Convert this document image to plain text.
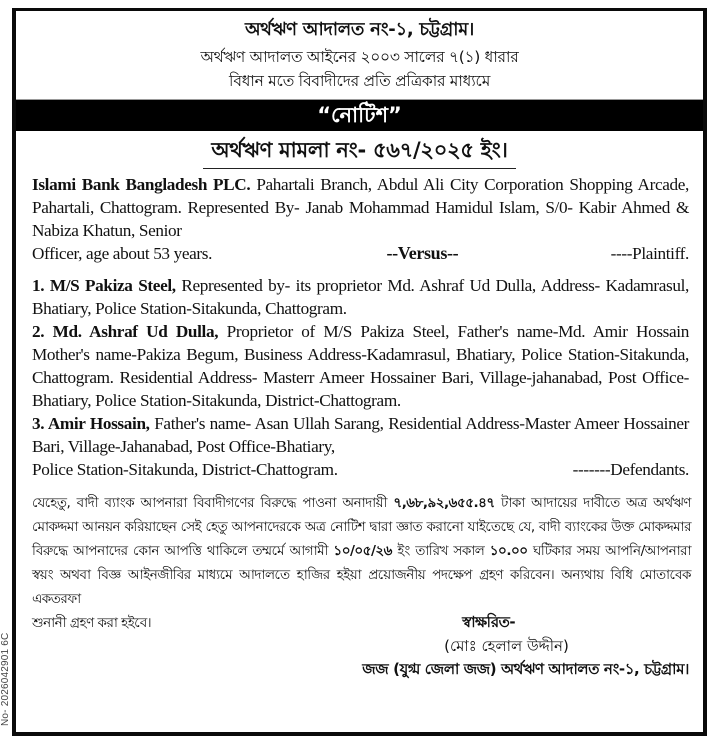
No- 2026042901 6C
অর্থঋণ আদালত নং-১, চট্টগ্রাম।
অর্থঋণ আদালত আইনের ২০০৩ সালের ৭(১) ধারার
বিধান মতে বিবাদীদের প্রতি প্রত্রিকার মাধ্যমে
“নোটিশ”
অর্থঋণ মামলা নং- ৫৬৭/২০২৫ ইং।
Islami Bank Bangladesh PLC. Pahartali Branch, Abdul Ali City Corporation Shopping Arcade, Pahartali, Chattogram. Represented By- Janab Mohammad Hamidul Islam, S/0- Kabir Ahmed & Nabiza Khatun, Senior
Officer, age about 53 years.	--Versus--	----Plaintiff.
1. M/S Pakiza Steel, Represented by- its proprietor Md. Ashraf Ud Dulla, Address- Kadamrasul, Bhatiary, Police Station-Sitakunda, Chattogram.
2. Md. Ashraf Ud Dulla, Proprietor of M/S Pakiza Steel, Father's name-Md. Amir Hossain Mother's name-Pakiza Begum, Business Address-Kadamrasul, Bhatiary, Police Station-Sitakunda, Chattogram. Residential Address- Masterr Ameer Hossainer Bari, Village-jahanabad, Post Office-Bhatiary, Police Station-Sitakunda, District-Chattogram.
3. Amir Hossain, Father's name- Asan Ullah Sarang, Residential Address-Master Ameer Hossainer Bari, Village-Jahanabad, Post Office-Bhatiary,
Police Station-Sitakunda, District-Chattogram.	-------Defendants.
যেহেতু, বাদী ব্যাংক আপনারা বিবাদীগণের বিরুদ্ধে পাওনা অনাদায়ী ৭,৬৮,৯২,৬৫৫.৪৭ টাকা আদায়ের দাবীতে অত্র অর্থঋণ মোকদ্দমা আনয়ন করিয়াছেন সেই হেতু আপনাদেরকে অত্র নোটিশ দ্বারা জ্ঞাত করানো যাইতেছে যে, বাদী ব্যাংকের উক্ত মোকদ্দমার বিরুদ্ধে আপনাদের কোন আপত্তি থাকিলে তম্মর্মে আগামী ১০/০৫/২৬ ইং তারিখ সকাল ১০.০০ ঘটিকার সময় আপনি/আপনারা স্বয়ং অথবা বিজ্ঞ আইনজীবির মাধ্যমে আদালতে হাজির হইয়া প্রয়োজনীয় পদক্ষেপ গ্রহণ করিবেন। অন্যথায় বিধি মোতাবেক একতরফা
শুনানী গ্রহণ করা হইবে।	স্বাক্ষরিত-
(মোঃ হেলাল উদ্দীন)
জজ (যুগ্ম জেলা জজ) অর্থঋণ আদালত নং-১, চট্টগ্রাম।
